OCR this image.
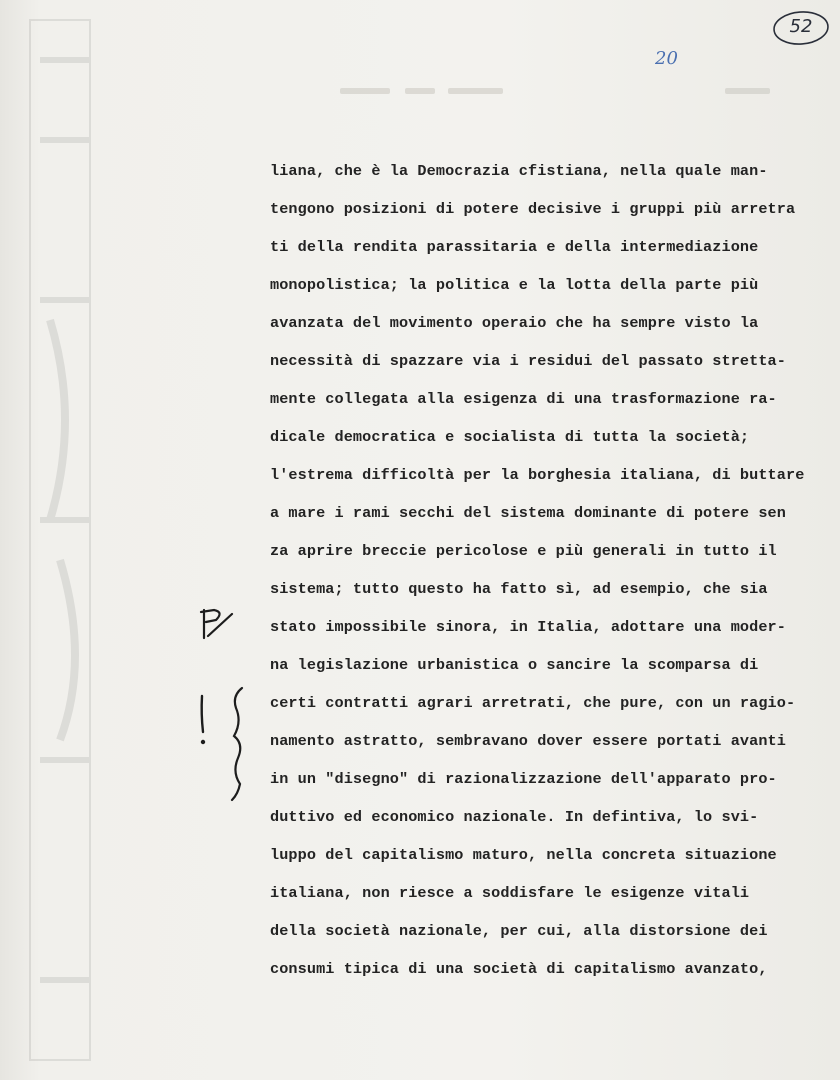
52
20
ℙ
!
}
liana, che è la Democrazia cfistiana, nella quale man-
tengono posizioni di potere decisive i gruppi più arretra
ti della rendita parassitaria e della intermediazione
monopolistica; la politica e la lotta della parte più
avanzata del movimento operaio che ha sempre visto la
necessità di spazzare via i residui del passato stretta-
mente collegata alla esigenza di una trasformazione ra-
dicale democratica e socialista di tutta la società;
l'estrema difficoltà per la borghesia italiana, di buttare
a mare i rami secchi del sistema dominante di potere sen
za aprire breccie pericolose e più generali in tutto il
sistema; tutto questo ha fatto sì, ad esempio, che sia
stato impossibile sinora, in Italia, adottare una moder-
na legislazione urbanistica o sancire la scomparsa di
certi contratti agrari arretrati, che pure, con un ragio-
namento astratto, sembravano dover essere portati avanti
in un "disegno" di razionalizzazione dell'apparato pro-
duttivo ed economico nazionale. In defintiva, lo svi-
luppo del capitalismo maturo, nella concreta situazione
italiana, non riesce a soddisfare le esigenze vitali
della società nazionale, per cui, alla distorsione dei
consumi tipica di una società di capitalismo avanzato,
